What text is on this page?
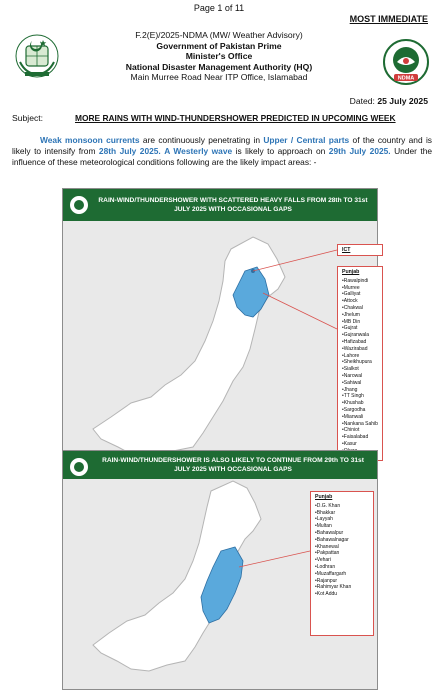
Page 1 of 11
MOST IMMEDIATE
NDMA
F.2(E)/2025-NDMA (MW/ Weather Advisory)
Government of Pakistan Prime
Minister's Office
National Disaster Management Authority (HQ)
Main Murree Road Near ITP Office, Islamabad
Dated: 25 July 2025
Subject:	MORE RAINS WITH WIND-THUNDERSHOWER PREDICTED IN UPCOMING WEEK
Weak monsoon currents are continuously penetrating in Upper / Central parts of the country and is likely to intensify from 28th July 2025. A Westerly wave is likely to approach on 29th July 2025. Under the influence of these meteorological conditions following are the likely impact areas: -
RAIN-WIND/THUNDERSHOWER WITH SCATTERED HEAVY FALLS FROM 28th TO 31st JULY 2025 WITH OCCASIONAL GAPS
ICT
Punjab
• Rawalpindi
• Murree
• Galliyat
• Attock
• Chakwal
• Jhelum
• MB Din
• Gujrat
• Gujranwala
• Hafizabad
• Wazirabad
• Lahore
• Sheikhupura
• Sialkot
• Narowal
• Sahiwal
• Jhang
• TT Singh
• Khushab
• Sargodha
• Mianwali
• Nankana Sahib
• Chiniot
• Faisalabad
• Kasur
•
RAIN-WIND/THUNDERSHOWER IS ALSO LIKELY TO CONTINUE FROM 29th TO 31st JULY 2025 WITH OCCASIONAL GAPS
Punjab
• D.G. Khan
• Bhakkar
• Layyah
• Multan
• Bahawalpur
• Bahawalnagar
• Khanewal
• Pakpattan
• Vehari
• Lodhran
• Muzaffargarh
• Rajanpur
• Rahimyar Khan
• Kot Addu
